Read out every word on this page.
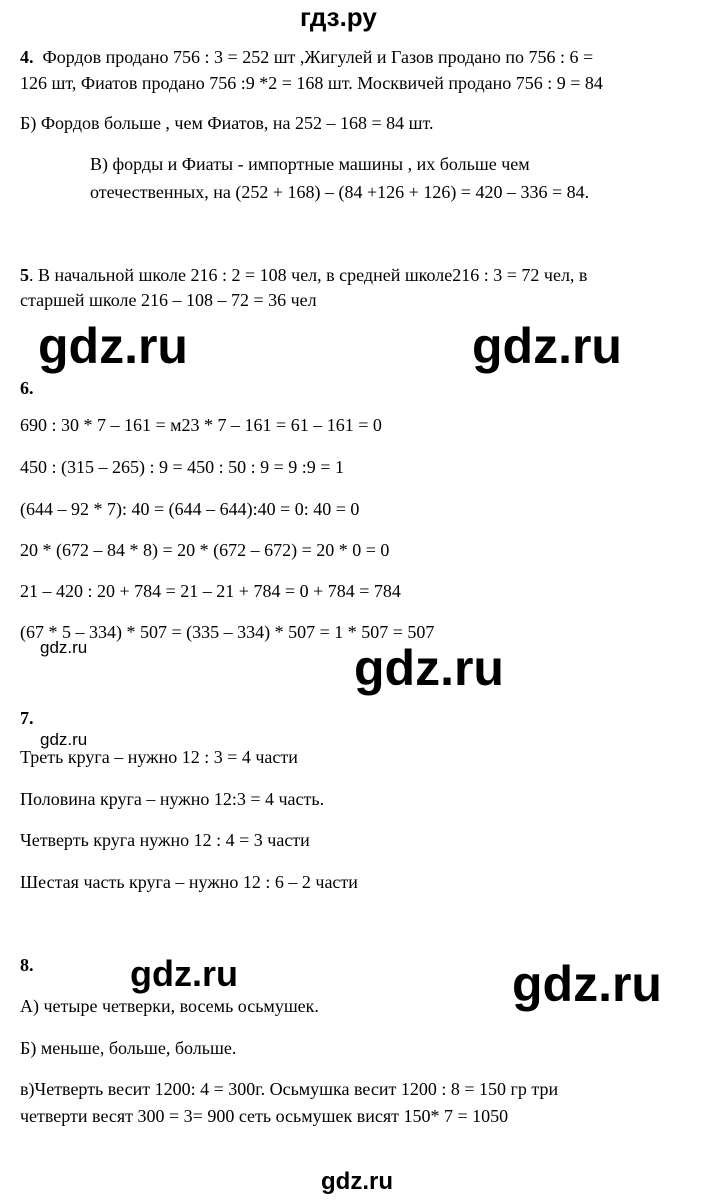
гдз.ру
4. Фордов продано 756 : 3 = 252 шт ,Жигулей и Газов продано по 756 : 6 =
126 шт, Фиатов продано 756 :9 *2 = 168 шт. Москвичей продано 756 : 9 = 84
Б) Фордов больше , чем Фиатов, на 252 – 168 = 84 шт.
В) форды и Фиаты - импортные машины , их больше чем
отечественных, на (252 + 168) – (84 +126 + 126) = 420 – 336 = 84.
5. В начальной школе 216 : 2 = 108 чел, в средней школе216 : 3 = 72 чел, в
старшей школе 216 – 108 – 72 = 36 чел
gdz.ru	gdz.ru
6.
690 : 30 * 7 – 161 = м23 * 7 – 161 = 61 – 161 = 0
450 : (315 – 265) : 9 = 450 : 50 : 9 = 9 :9 = 1
(644 – 92 * 7): 40 = (644 – 644):40 = 0: 40 = 0
20 * (672 – 84 * 8) = 20 * (672 – 672) = 20 * 0 = 0
21 – 420 : 20 + 784 = 21 – 21 + 784 = 0 + 784 = 784
(67 * 5 – 334) * 507 = (335 – 334) * 507 = 1 * 507 = 507
gdz.ru	gdz.ru
7.
gdz.ru
Треть круга – нужно 12 : 3 = 4 части
Половина круга – нужно 12:3 = 4 часть.
Четверть круга нужно 12 : 4 = 3 части
Шестая часть круга – нужно 12 : 6 – 2 части
8.	gdz.ru	gdz.ru
А) четыре четверки, восемь осьмушек.
Б) меньше, больше, больше.
в)Четверть весит 1200: 4 = 300г. Осьмушка весит 1200 : 8 = 150 гр три
четверти весят 300 = 3= 900 сеть осьмушек висят 150* 7 = 1050
gdz.ru
